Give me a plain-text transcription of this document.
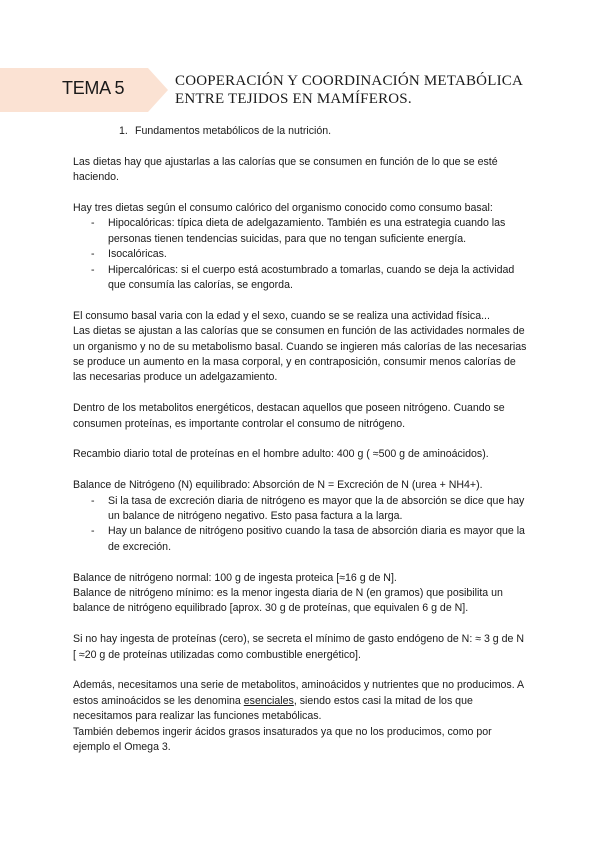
TEMA 5	COOPERACIÓN Y COORDINACIÓN METABÓLICA
ENTRE TEJIDOS EN MAMÍFEROS.
1. Fundamentos metabólicos de la nutrición.

Las dietas hay que ajustarlas a las calorías que se consumen en función de lo que se esté haciendo.

Hay tres dietas según el consumo calórico del organismo conocido como consumo basal:

-	Hipocalóricas: típica dieta de adelgazamiento. También es una estrategia cuando las personas tienen tendencias suicidas, para que no tengan suficiente energía.
-	Isocalóricas.
-	Hipercalóricas: si el cuerpo está acostumbrado a tomarlas, cuando se deja la actividad que consumía las calorías, se engorda.

El consumo basal varia con la edad y el sexo, cuando se se realiza una actividad física...

Las dietas se ajustan a las calorías que se consumen en función de las actividades normales de un organismo y no de su metabolismo basal. Cuando se ingieren más calorías de las necesarias se produce un aumento en la masa corporal, y en contraposición, consumir menos calorías de las necesarias produce un adelgazamiento.

Dentro de los metabolitos energéticos, destacan aquellos que poseen nitrógeno. Cuando se consumen proteínas, es importante controlar el consumo de nitrógeno.

Recambio diario total de proteínas en el hombre adulto: 400 g ( ≈500 g de aminoácidos).

Balance de Nitrógeno (N) equilibrado: Absorción de N = Excreción de N (urea + NH4+).

-	Si la tasa de excreción diaria de nitrógeno es mayor que la de absorción se dice que hay un balance de nitrógeno negativo. Esto pasa factura a la larga.
-	Hay un balance de nitrógeno positivo cuando la tasa de absorción diaria es mayor que la de excreción.

Balance de nitrógeno normal: 100 g de ingesta proteica [≈16 g de N].

Balance de nitrógeno mínimo: es la menor ingesta diaria de N (en gramos) que posibilita un balance de nitrógeno equilibrado [aprox. 30 g de proteínas, que equivalen 6 g de N].

Si no hay ingesta de proteínas (cero), se secreta el mínimo de gasto endógeno de N: ≈ 3 g de N [ ≈20 g de proteínas utilizadas como combustible energético].

Además, necesitamos una serie de metabolitos, aminoácidos y nutrientes que no producimos. A estos aminoácidos se les denomina esenciales, siendo estos casi la mitad de los que necesitamos para realizar las funciones metabólicas.

También debemos ingerir ácidos grasos insaturados ya que no los producimos, como por ejemplo el Omega 3.
